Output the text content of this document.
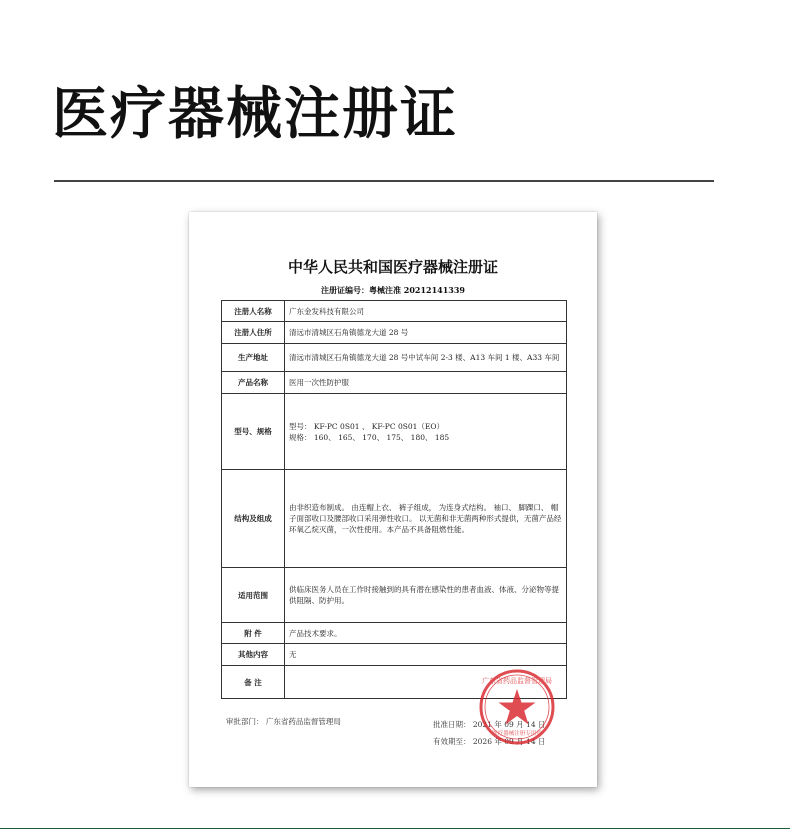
医疗器械注册证
中华人民共和国医疗器械注册证
注册证编号：粤械注准 20212141339
注册人名称	广东金发科技有限公司
注册人住所	清远市清城区石角镇德龙大道 28 号
生产地址	清远市清城区石角镇德龙大道 28 号中试车间 2-3 楼、A13 车间 1 楼、A33 车间
产品名称	医用一次性防护服
型号、规格	型号： KF-PC 0S01 、 KF-PC 0S01（EO）
规格： 160、 165、 170、 175、 180、 185

结构及组成	由非织造布制成。 由连帽上衣、 裤子组成， 为连身式结构。 袖口、 脚踝口、 帽子面部收口及腰部收口采用弹性收口。 以无菌和非无菌两种形式提供，无菌产品经环氧乙烷灭菌，一次性使用。本产品不具备阻燃性能。
适用范围	供临床医务人员在工作时接触到的具有潜在感染性的患者血液、体液、分泌物等提供阻隔、防护用。
附 件	产品技术要求。
其他内容	无
备 注	
审批部门： 广东省药品监督管理局	批准日期： 2021 年 09 月 14 日
有效期至： 2026 年 09 月 14 日
广东省药品监督管理局
医疗器械注册专用章
